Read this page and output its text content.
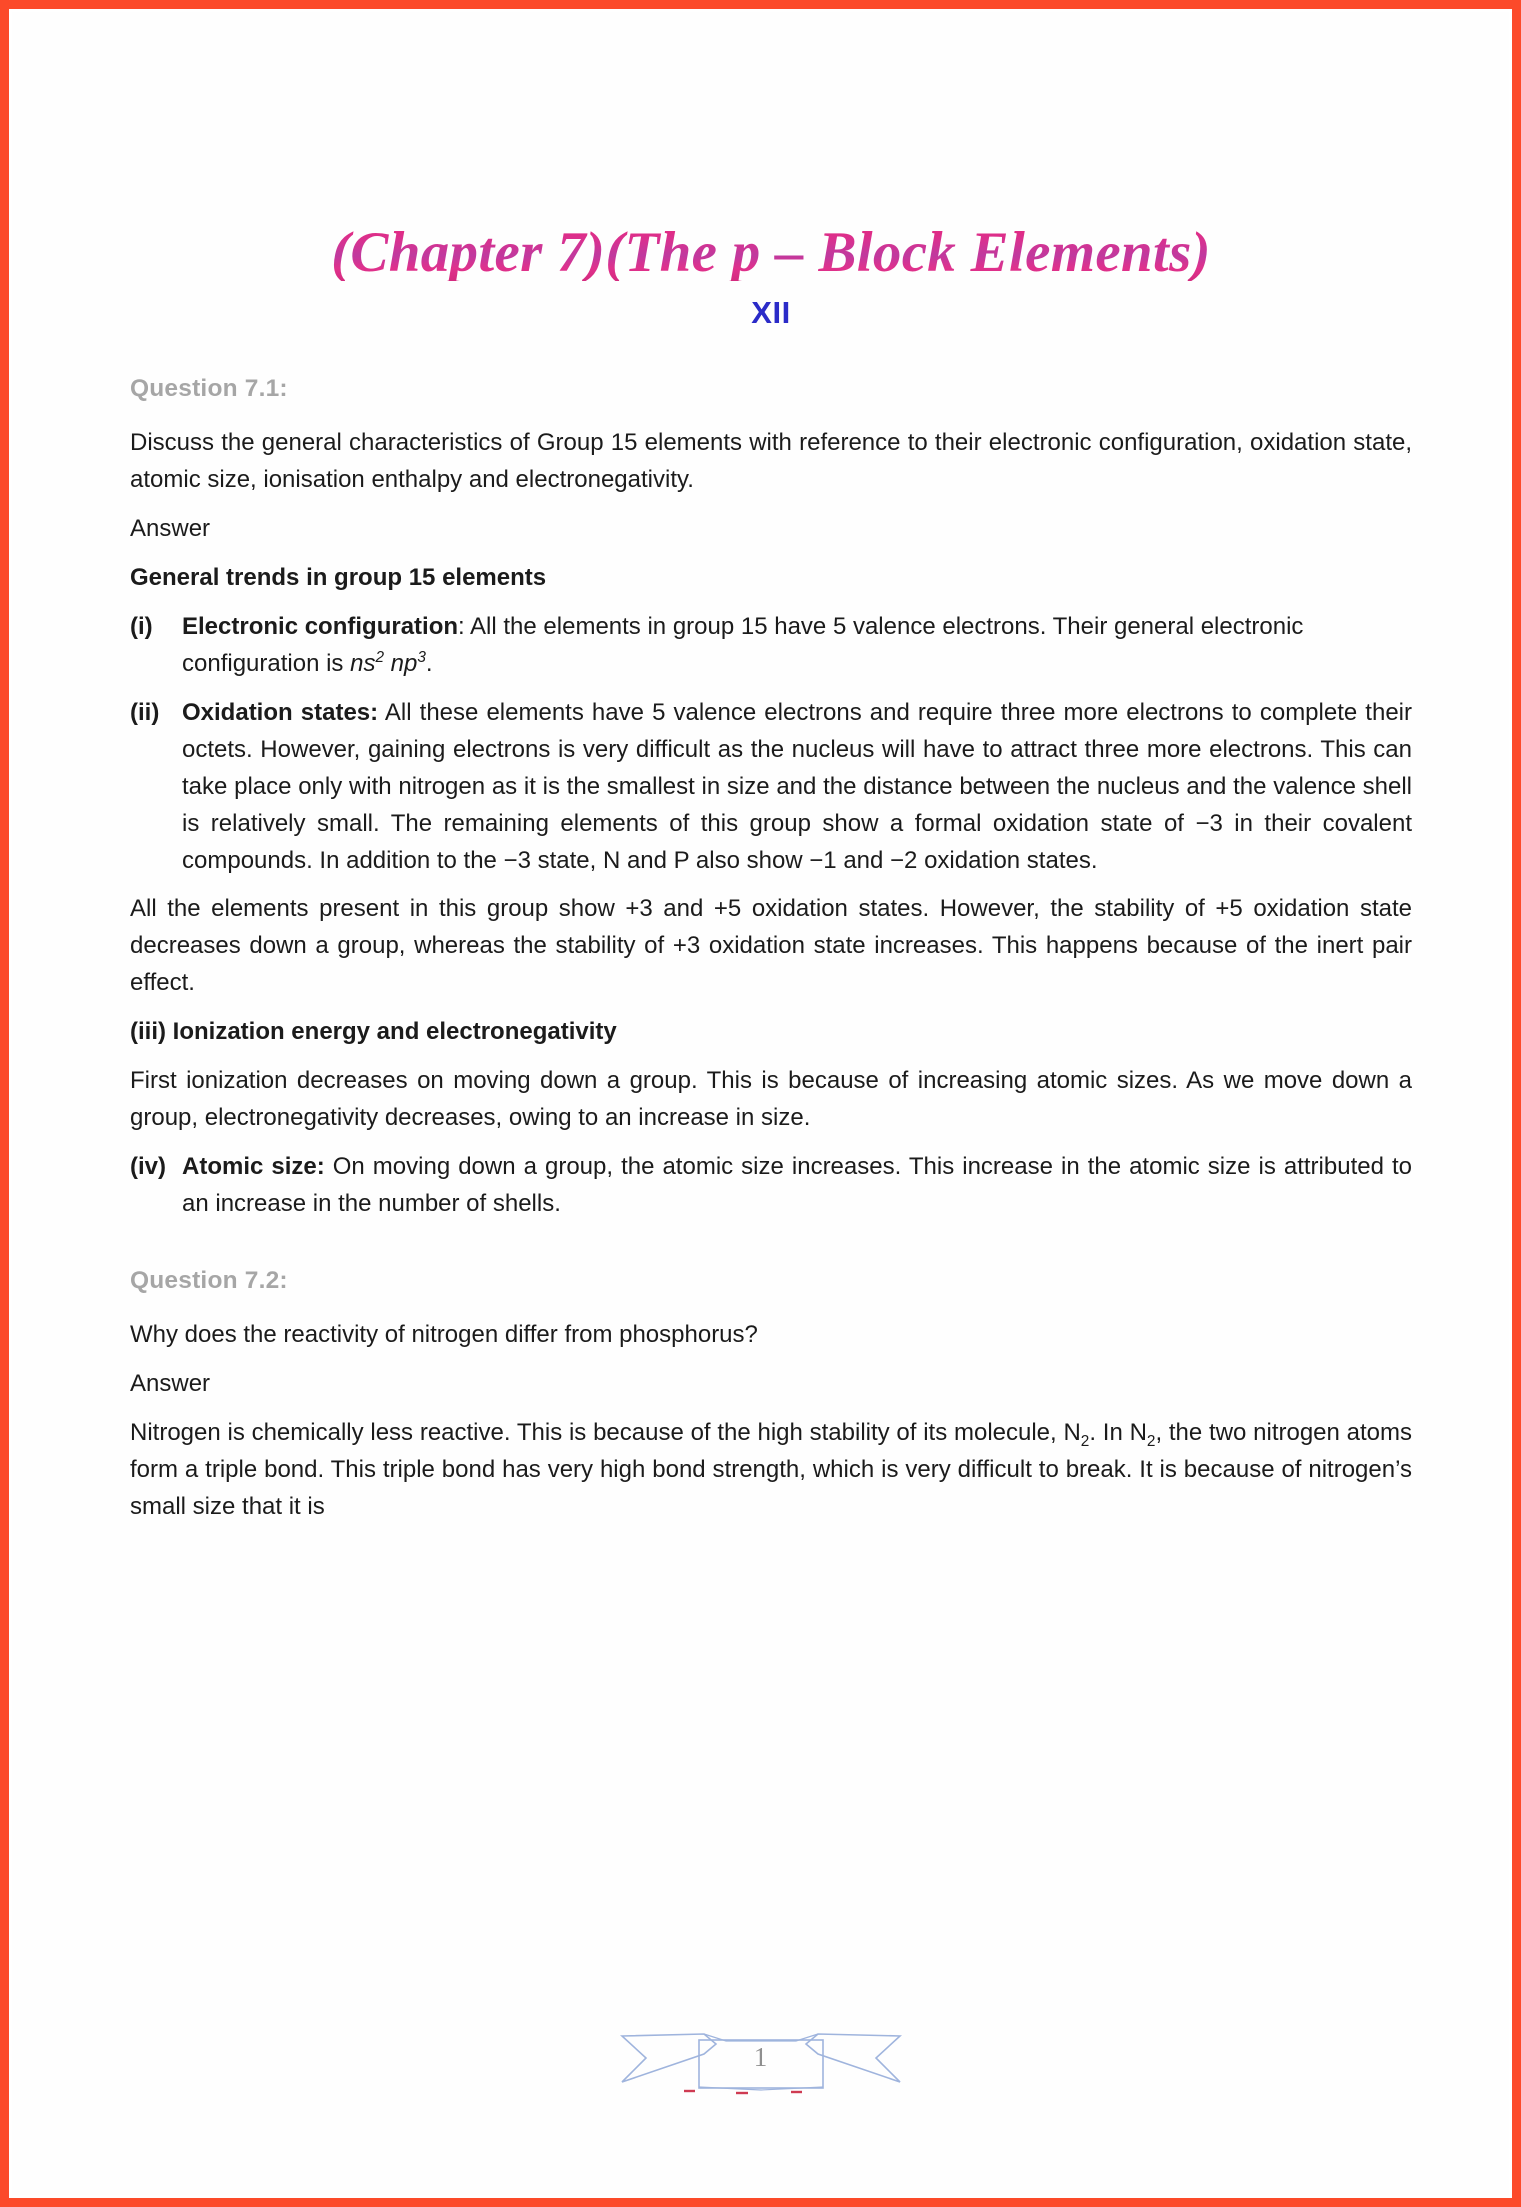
(Chapter 7)(The p – Block Elements)
XII
Question 7.1:

Discuss the general characteristics of Group 15 elements with reference to their electronic configuration, oxidation state, atomic size, ionisation enthalpy and electronegativity.

Answer

General trends in group 15 elements

(i)	Electronic configuration: All the elements in group 15 have 5 valence electrons. Their general electronic configuration is $ns^2$ $np^3$.
(ii) Oxidation states: All these elements have 5 valence electrons and require three more electrons to complete their octets. However, gaining electrons is very difficult as the nucleus will have to attract three more electrons. This can take place only with nitrogen as it is the smallest in size and the distance between the nucleus and the valence shell is relatively small. The remaining elements of this group show a formal oxidation state of −3 in their covalent compounds. In addition to the −3 state, N and P also show −1 and −2 oxidation states.

All the elements present in this group show +3 and +5 oxidation states. However, the stability of +5 oxidation state decreases down a group, whereas the stability of +3 oxidation state increases. This happens because of the inert pair effect.

(iii) Ionization energy and electronegativity

First ionization decreases on moving down a group. This is because of increasing atomic sizes. As we move down a group, electronegativity decreases, owing to an increase in size.

(iv) Atomic size: On moving down a group, the atomic size increases. This increase in the atomic size is attributed to an increase in the number of shells.
Question 7.2:

Why does the reactivity of nitrogen differ from phosphorus?

Answer

Nitrogen is chemically less reactive. This is because of the high stability of its molecule, $N_2$. In $N_2$, the two nitrogen atoms form a triple bond. This triple bond has very high bond strength, which is very difficult to break. It is because of nitrogen’s small size that it is

1
